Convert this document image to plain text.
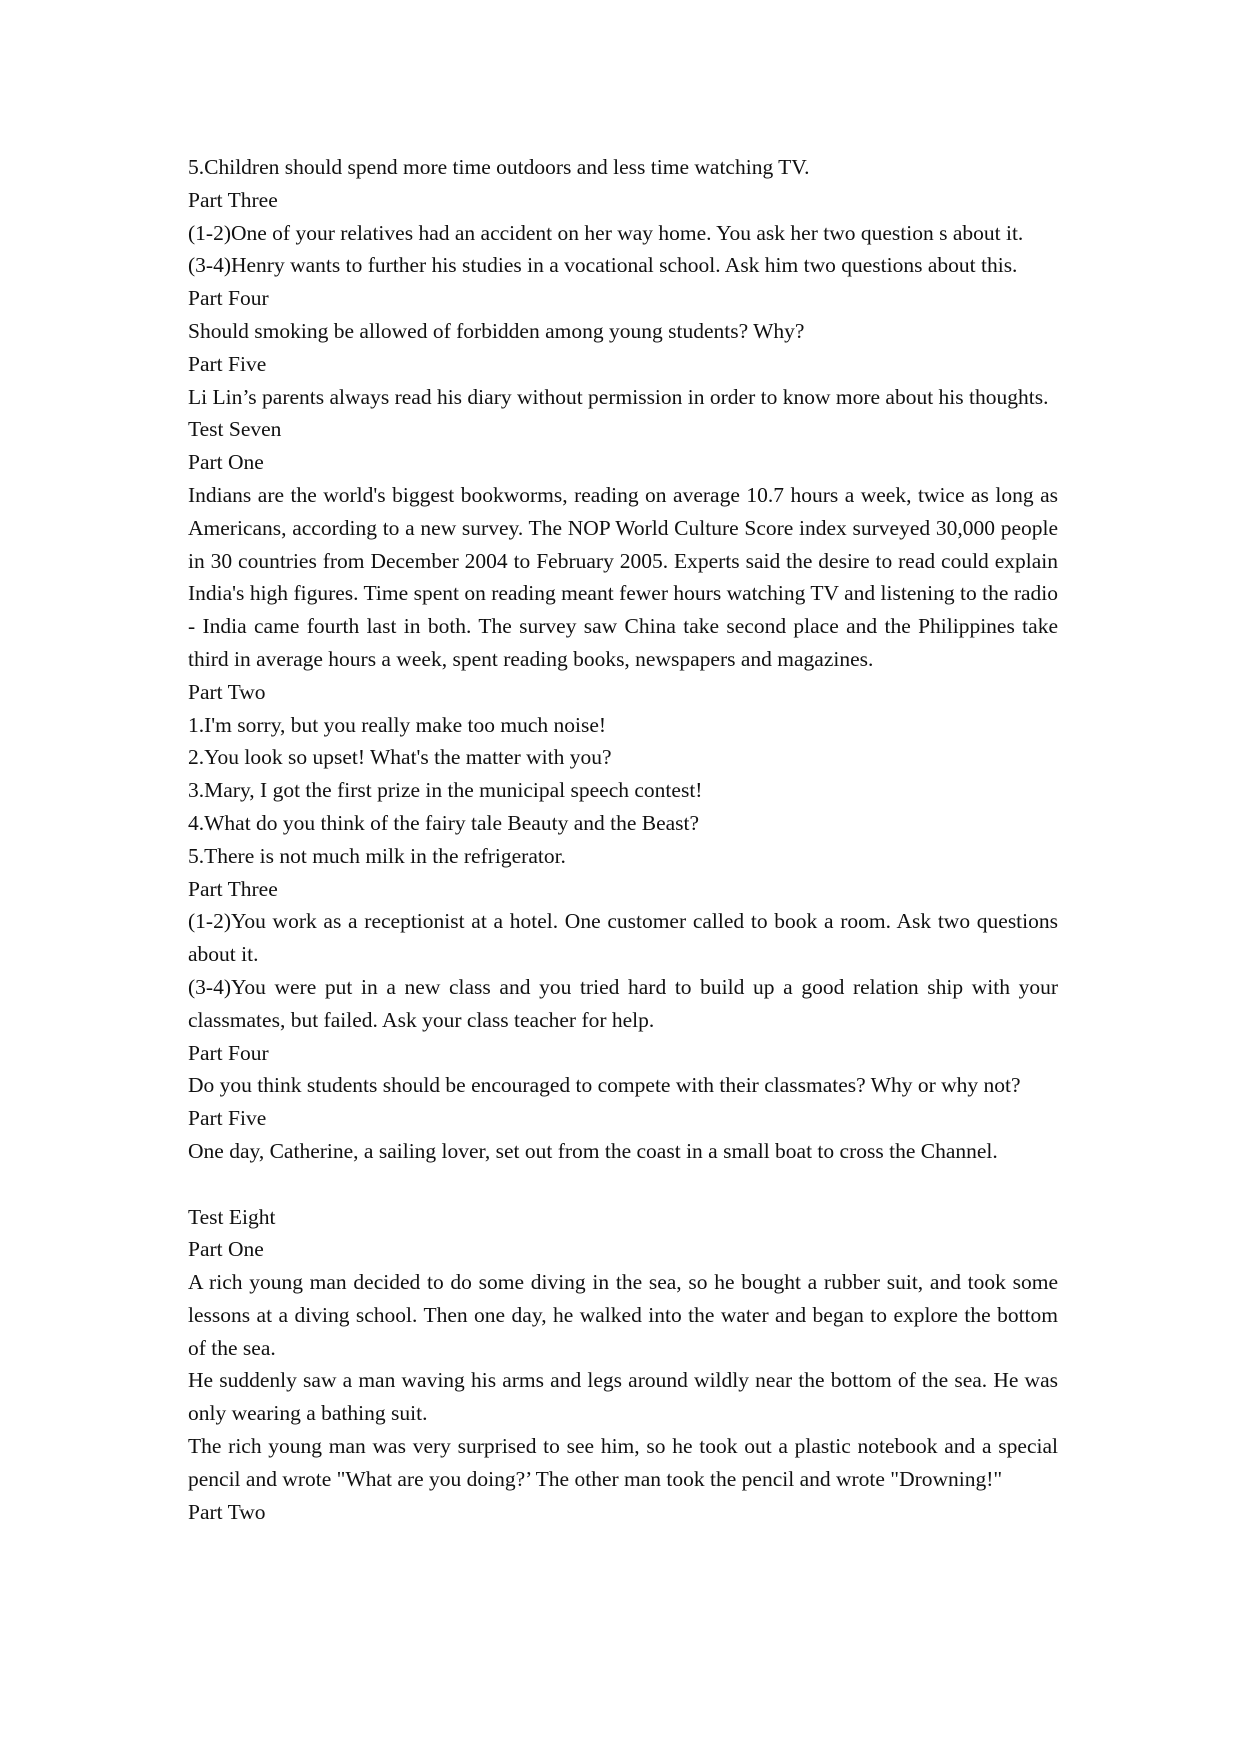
5.Children should spend more time outdoors and less time watching TV.

Part Three

(1-2)One of your relatives had an accident on her way home. You ask her two question s about it.

(3-4)Henry wants to further his studies in a vocational school. Ask him two questions about this.

Part Four

Should smoking be allowed of forbidden among young students? Why?

Part Five

Li Lin’s parents always read his diary without permission in order to know more about his thoughts.

Test Seven

Part One

Indians are the world's biggest bookworms, reading on average 10.7 hours a week, twice as long as Americans, according to a new survey. The NOP World Culture Score index surveyed 30,000 people in 30 countries from December 2004 to February 2005. Experts said the desire to read could explain India's high figures. Time spent on reading meant fewer hours watching TV and listening to the radio - India came fourth last in both. The survey saw China take second place and the Philippines take third in average hours a week, spent reading books, newspapers and magazines.

Part Two

1.I'm sorry, but you really make too much noise!

2.You look so upset! What's the matter with you?

3.Mary, I got the first prize in the municipal speech contest!

4.What do you think of the fairy tale Beauty and the Beast?

5.There is not much milk in the refrigerator.

Part Three

(1-2)You work as a receptionist at a hotel. One customer called to book a room. Ask two questions about it.

(3-4)You were put in a new class and you tried hard to build up a good relation ship with your classmates, but failed. Ask your class teacher for help.

Part Four

Do you think students should be encouraged to compete with their classmates? Why or why not?

Part Five

One day, Catherine, a sailing lover, set out from the coast in a small boat to cross the Channel.

Test Eight

Part One

A rich young man decided to do some diving in the sea, so he bought a rubber suit, and took some lessons at a diving school. Then one day, he walked into the water and began to explore the bottom of the sea.

He suddenly saw a man waving his arms and legs around wildly near the bottom of the sea. He was only wearing a bathing suit.

The rich young man was very surprised to see him, so he took out a plastic notebook and a special pencil and wrote "What are you doing?’ The other man took the pencil and wrote "Drowning!"

Part Two
